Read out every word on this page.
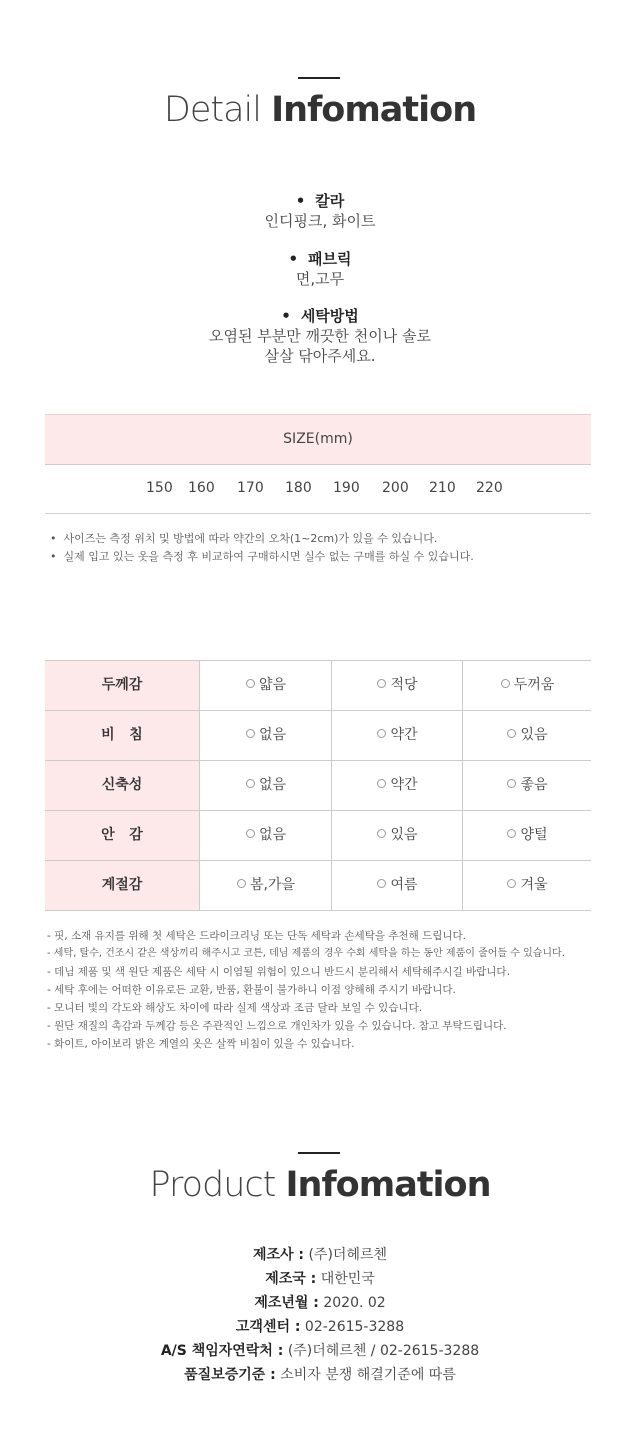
Detail Infomation
• 칼라
인디핑크, 화이트
• 패브릭
면,고무
• 세탁방법
오염된 부분만 깨끗한 천이나 솔로
살살 닦아주세요.
SIZE(mm)
150 160 170 180 190 200 210 220
•  사이즈는 측정 위치 및 방법에 따라 약간의 오차(1~2cm)가 있을 수 있습니다.
•  실제 입고 있는 옷을 측정 후 비교하여 구매하시면 실수 없는 구매를 하실 수 있습니다.
두께감	얇음	적당	두꺼움
비   침	없음	약간	있음
신축성	없음	약간	좋음
안   감	없음	있음	양털
계절감	봄,가을	여름	겨울
- 핏, 소재 유지를 위해 첫 세탁은 드라이크리닝 또는 단독 세탁과 손세탁을 추천해 드립니다.
- 세탁, 탈수, 건조시 같은 색상끼리 해주시고 코튼, 데님 제품의 경우 수회 세탁을 하는 동안 제품이 줄어들 수 있습니다.
- 데님 제품 및 색 원단 제품은 세탁 시 이염될 위험이 있으니 반드시 분리해서 세탁해주시길 바랍니다.
- 세탁 후에는 어떠한 이유로든 교환, 반품, 환불이 불가하니 이점 양해해 주시기 바랍니다.
- 모니터 빛의 각도와 해상도 차이에 따라 실제 색상과 조금 달라 보일 수 있습니다.
- 원단 재질의 촉감과 두께감 등은 주관적인 느낌으로 개인차가 있을 수 있습니다. 참고 부탁드립니다.
- 화이트, 아이보리 밝은 계열의 옷은 살짝 비침이 있을 수 있습니다.
Product Infomation
제조사 : (주)더헤르첸
제조국 : 대한민국
제조년월 : 2020. 02
고객센터 : 02-2615-3288
A/S 책임자연락처 : (주)더헤르첸 / 02-2615-3288
품질보증기준 : 소비자 분쟁 해결기준에 따름
